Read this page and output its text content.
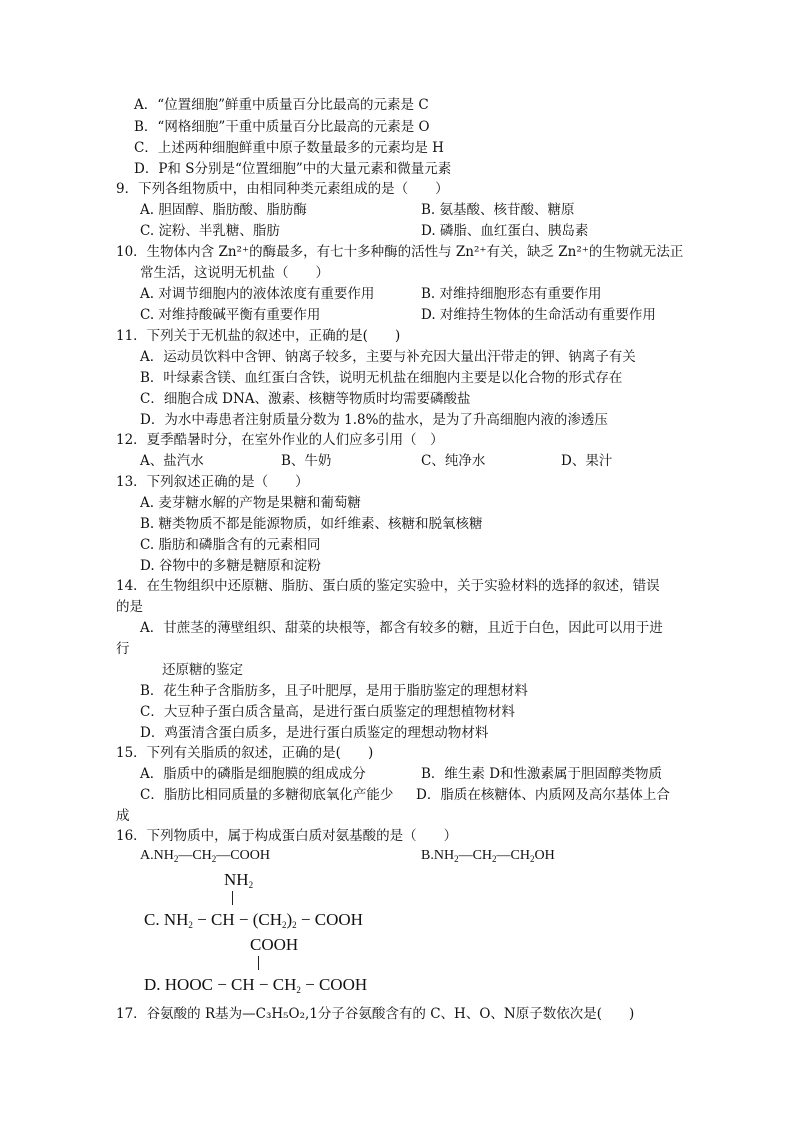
A．“位置细胞”鲜重中质量百分比最高的元素是 C
B．“网格细胞”干重中质量百分比最高的元素是 O
C．上述两种细胞鲜重中原子数量最多的元素均是 H
D．P和 S分别是“位置细胞”中的大量元素和微量元素
9．下列各组物质中，由相同种类元素组成的是（　　）
A. 胆固醇、脂肪酸、脂肪酶	B. 氨基酸、核苷酸、糖原
C. 淀粉、半乳糖、脂肪	D. 磷脂、血红蛋白、胰岛素
10．生物体内含 Zn²⁺的酶最多，有七十多种酶的活性与 Zn²⁺有关，缺乏 Zn²⁺的生物就无法正
常生活，这说明无机盐（　　）
A. 对调节细胞内的液体浓度有重要作用	B. 对维持细胞形态有重要作用
C. 对维持酸碱平衡有重要作用	D. 对维持生物体的生命活动有重要作用
11．下列关于无机盐的叙述中，正确的是(　　)
A．运动员饮料中含钾、钠离子较多，主要与补充因大量出汗带走的钾、钠离子有关
B．叶绿素含镁、血红蛋白含铁，说明无机盐在细胞内主要是以化合物的形式存在
C．细胞合成 DNA、激素、核糖等物质时均需要磷酸盐
D．为水中毒患者注射质量分数为 1.8%的盐水，是为了升高细胞内液的渗透压
12．夏季酷暑时分，在室外作业的人们应多引用（　）
A、盐汽水	B、牛奶	C、纯净水	D、果汁
13．下列叙述正确的是（　　）
A. 麦芽糖水解的产物是果糖和葡萄糖
B. 糖类物质不都是能源物质，如纤维素、核糖和脱氧核糖
C. 脂肪和磷脂含有的元素相同
D. 谷物中的多糖是糖原和淀粉
14．在生物组织中还原糖、脂肪、蛋白质的鉴定实验中，关于实验材料的选择的叙述，错误
的是
A．甘蔗茎的薄壁组织、甜菜的块根等，都含有较多的糖，且近于白色，因此可以用于进
行
还原糖的鉴定
B．花生种子含脂肪多，且子叶肥厚，是用于脂肪鉴定的理想材料
C．大豆种子蛋白质含量高，是进行蛋白质鉴定的理想植物材料
D．鸡蛋清含蛋白质多，是进行蛋白质鉴定的理想动物材料
15．下列有关脂质的叙述，正确的是(　　)
A．脂质中的磷脂是细胞膜的组成成分	B．维生素 D和性激素属于胆固醇类物质
C．脂肪比相同质量的多糖彻底氧化产能少 D．脂质在核糖体、内质网及高尔基体上合
成
16．下列物质中，属于构成蛋白质对氨基酸的是（　　）
$A.NH_2—CH_2—COOH$	$B.NH_2—CH_2—CH_2OH$
$NH_2$
C. $NH_2$ − CH − $(CH_2)_2$ − COOH
COOH
D. HOOC − CH − $CH_2$ − COOH
17．谷氨酸的 R基为—C₃H₅O₂,1分子谷氨酸含有的 C、H、O、N原子数依次是(　　)
